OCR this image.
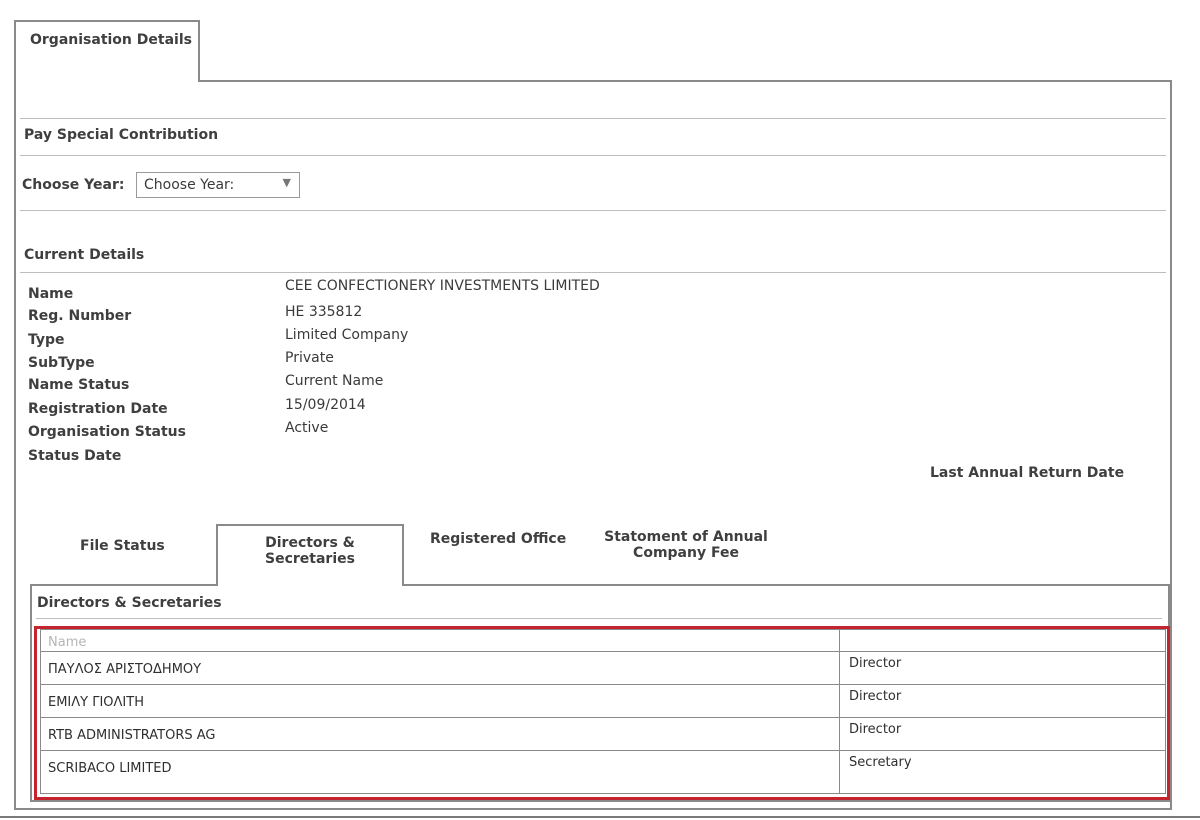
Organisation Details
Pay Special Contribution
Choose Year: Choose Year:	▼
Current Details
Name	CEE CONFECTIONERY INVESTMENTS LIMITED
Reg. Number	HE 335812
Type	Limited Company
SubType	Private
Name Status	Current Name
Registration Date	15/09/2014
Organisation Status	Active
Status Date
Last Annual Return Date
File Status	Directors & Secretaries
Registered Office	Statoment of Annual
Company Fee
Directors & Secretaries
Name
ΠΑΥΛΟΣ ΑΡΙΣΤΟΔΗΜΟΥ	Director
ΕΜΙΛΥ ΓΙΟΛΙΤΗ	Director
RTB ADMINISTRATORS AG	Director
SCRIBACO LIMITED	Secretary
